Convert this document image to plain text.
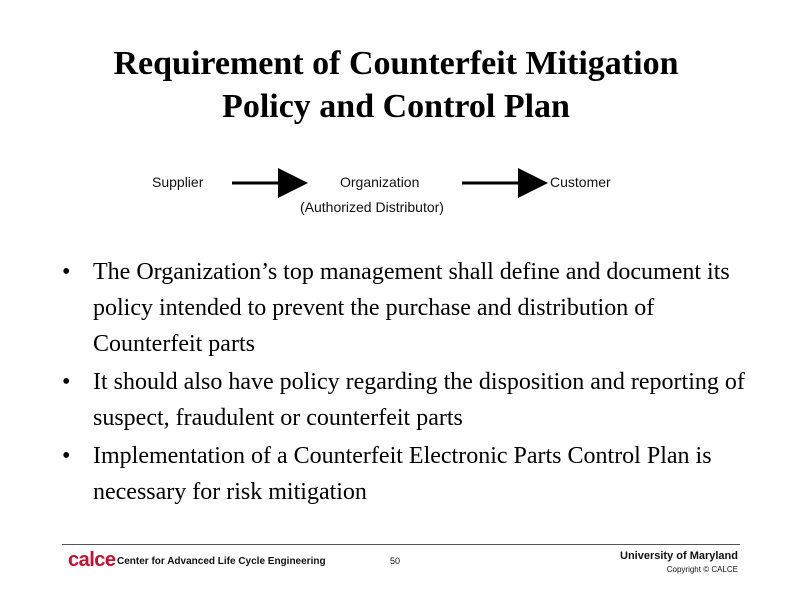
Requirement of Counterfeit Mitigation
Policy and Control Plan
Supplier	Organization
(Authorized Distributor)
Customer
• The Organization’s top management shall define and document its policy intended to prevent the purchase and distribution of Counterfeit parts
• It should also have policy regarding the disposition and reporting of suspect, fraudulent or counterfeit parts
• Implementation of a Counterfeit Electronic Parts Control Plan is necessary for risk mitigation
calce Center for Advanced Life Cycle Engineering	50	University of Maryland
Copyright © CALCE
